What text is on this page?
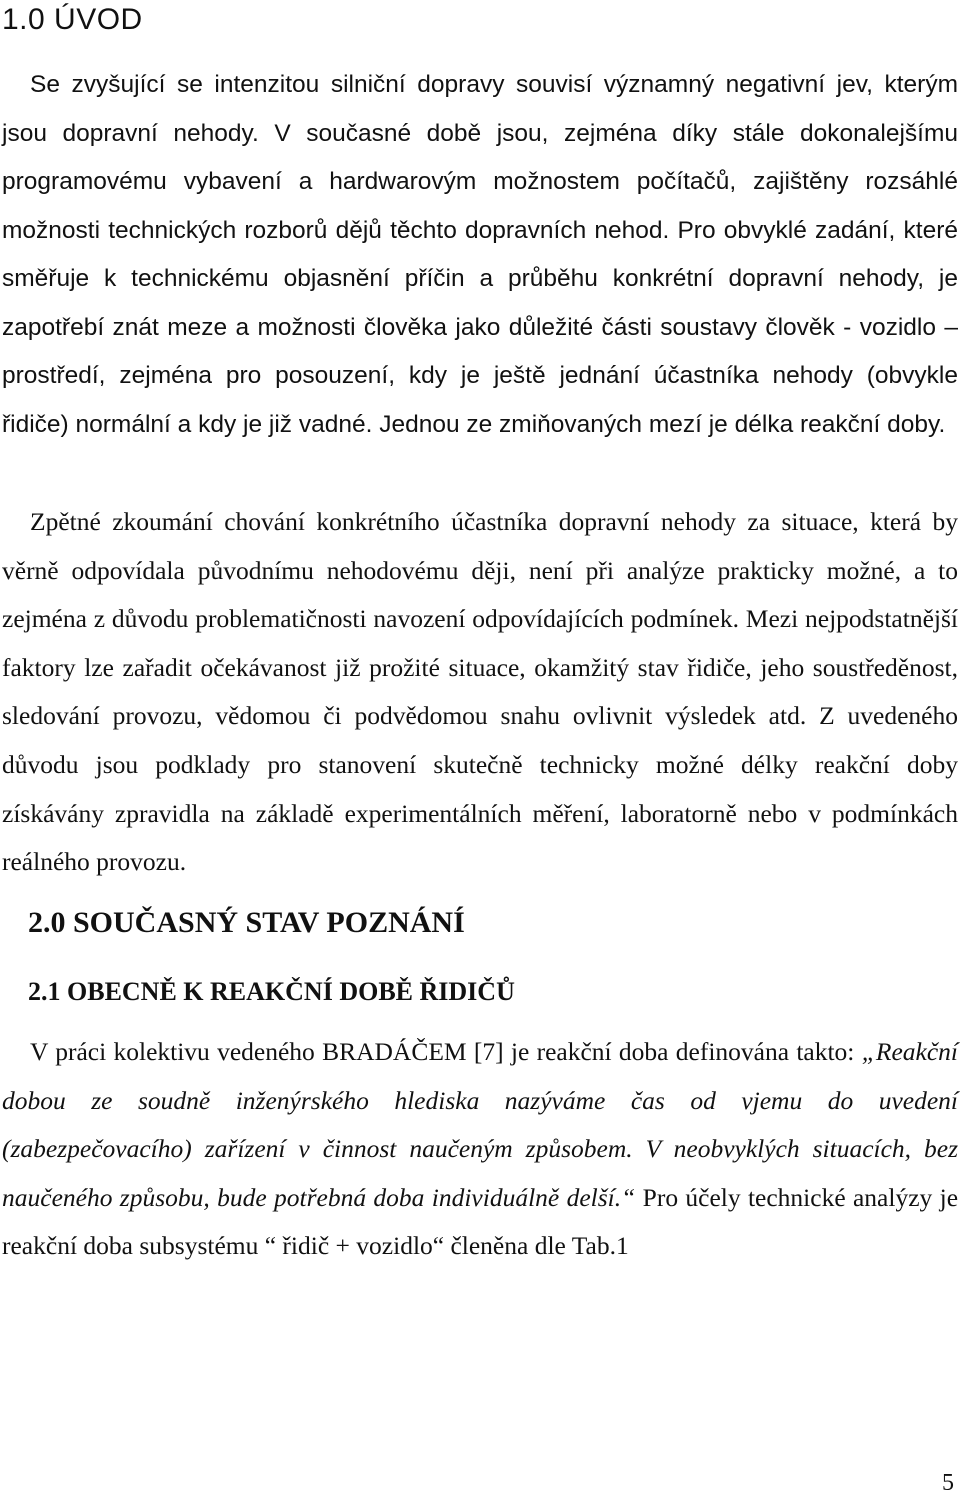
1.0 ÚVOD

Se zvyšující se intenzitou silniční dopravy souvisí významný negativní jev, kterým jsou dopravní nehody. V současné době jsou, zejména díky stále dokonalejšímu programovému vybavení a hardwarovým možnostem počítačů, zajištěny rozsáhlé možnosti technických rozborů dějů těchto dopravních nehod. Pro obvyklé zadání, které směřuje k technickému objasnění příčin a průběhu konkrétní dopravní nehody, je zapotřebí znát meze a možnosti člověka jako důležité části soustavy člověk - vozidlo – prostředí, zejména pro posouzení, kdy je ještě jednání účastníka nehody (obvykle řidiče) normální a kdy je již vadné. Jednou ze zmiňovaných mezí je délka reakční doby.

Zpětné zkoumání chování konkrétního účastníka dopravní nehody za situace, která by věrně odpovídala původnímu nehodovému ději, není při analýze prakticky možné, a to zejména z důvodu problematičnosti navození odpovídajících podmínek. Mezi nejpodstatnější faktory lze zařadit očekávanost již prožité situace, okamžitý stav řidiče, jeho soustředěnost, sledování provozu, vědomou či podvědomou snahu ovlivnit výsledek atd. Z uvedeného důvodu jsou podklady pro stanovení skutečně technicky možné délky reakční doby získávány zpravidla na základě experimentálních měření, laboratorně nebo v podmínkách reálného provozu.

2.0 SOUČASNÝ STAV POZNÁNÍ
2.1 OBECNĚ K REAKČNÍ DOBĚ ŘIDIČŮ

V práci kolektivu vedeného BRADÁČEM [7] je reakční doba definována takto: „Reakční dobou ze soudně inženýrského hlediska nazýváme čas od vjemu do uvedení (zabezpečovacího) zařízení v činnost naučeným způsobem. V neobvyklých situacích, bez naučeného způsobu, bude potřebná doba individuálně delší.“ Pro účely technické analýzy je reakční doba subsystému “ řidič + vozidlo“ členěna dle Tab.1

5
